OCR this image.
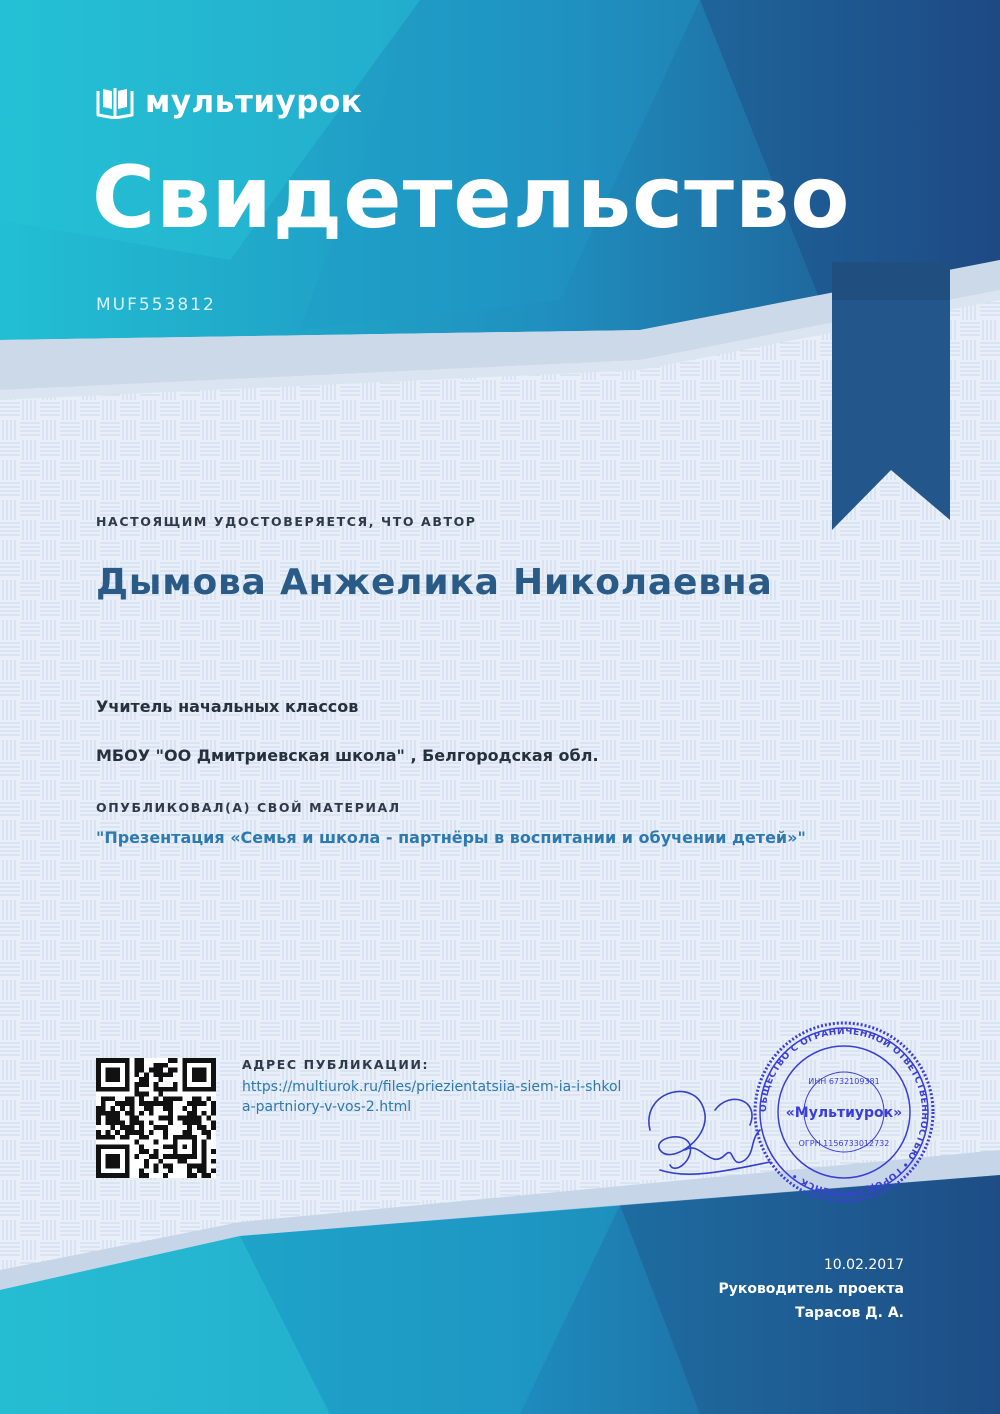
мультиурок
Свидетельство
MUF553812
НАСТОЯЩИМ УДОСТОВЕРЯЕТСЯ, ЧТО АВТОР
Дымова Анжелика Николаевна
Учитель начальных классов
МБОУ "ОО Дмитриевская школа" , Белгородская обл.
ОПУБЛИКОВАЛ(А) СВОЙ МАТЕРИАЛ
"Презентация «Семья и школа - партнёры в воспитании и обучении детей»"
АДРЕС ПУБЛИКАЦИИ:
https://multiurok.ru/files/priezientatsiia-siem-ia-i-shkola-partniory-v-vos-2.html	ОБЩЕСТВО С ОГРАНИЧЕННОЙ ОТВЕТСТВЕННОСТЬЮ • ГОРОД СМОЛЕНСК •
ИНН 6732109381
«Мультиурок»
ОГРН 1156733012732
10.02.2017
Руководитель проекта
Тарасов Д. А.
